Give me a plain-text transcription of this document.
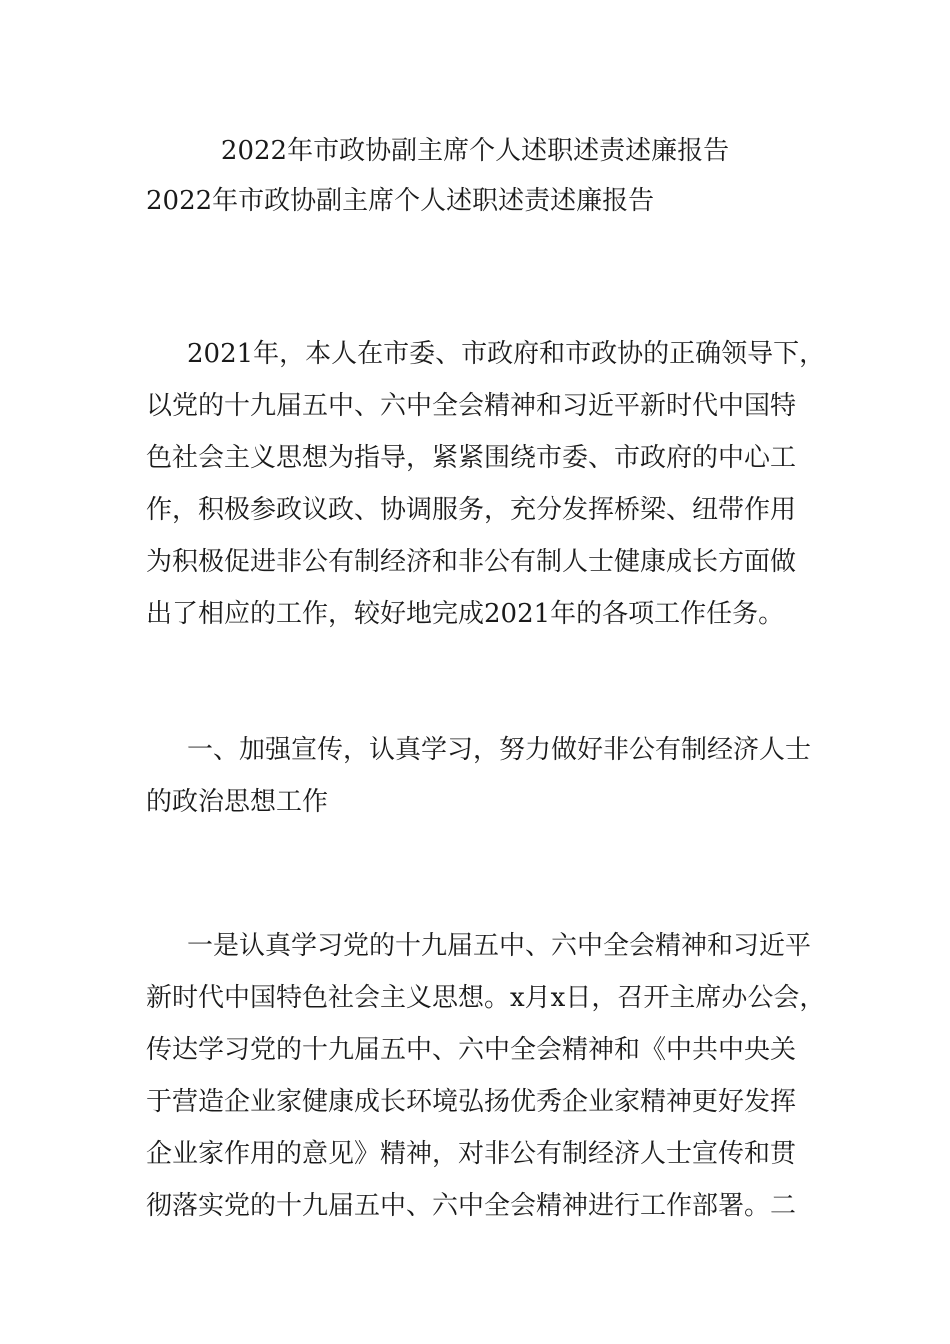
2022年市政协副主席个人述职述责述廉报告
2022年市政协副主席个人述职述责述廉报告

2021年，本人在市委、市政府和市政协的正确领导下，
以党的十九届五中、六中全会精神和习近平新时代中国特
色社会主义思想为指导，紧紧围绕市委、市政府的中心工
作，积极参政议政、协调服务，充分发挥桥梁、纽带作用
为积极促进非公有制经济和非公有制人士健康成长方面做
出了相应的工作，较好地完成2021年的各项工作任务。

一、加强宣传，认真学习，努力做好非公有制经济人士
的政治思想工作

一是认真学习党的十九届五中、六中全会精神和习近平
新时代中国特色社会主义思想。x月x日，召开主席办公会，
传达学习党的十九届五中、六中全会精神和《中共中央关
于营造企业家健康成长环境弘扬优秀企业家精神更好发挥
企业家作用的意见》精神，对非公有制经济人士宣传和贯
彻落实党的十九届五中、六中全会精神进行工作部署。二
